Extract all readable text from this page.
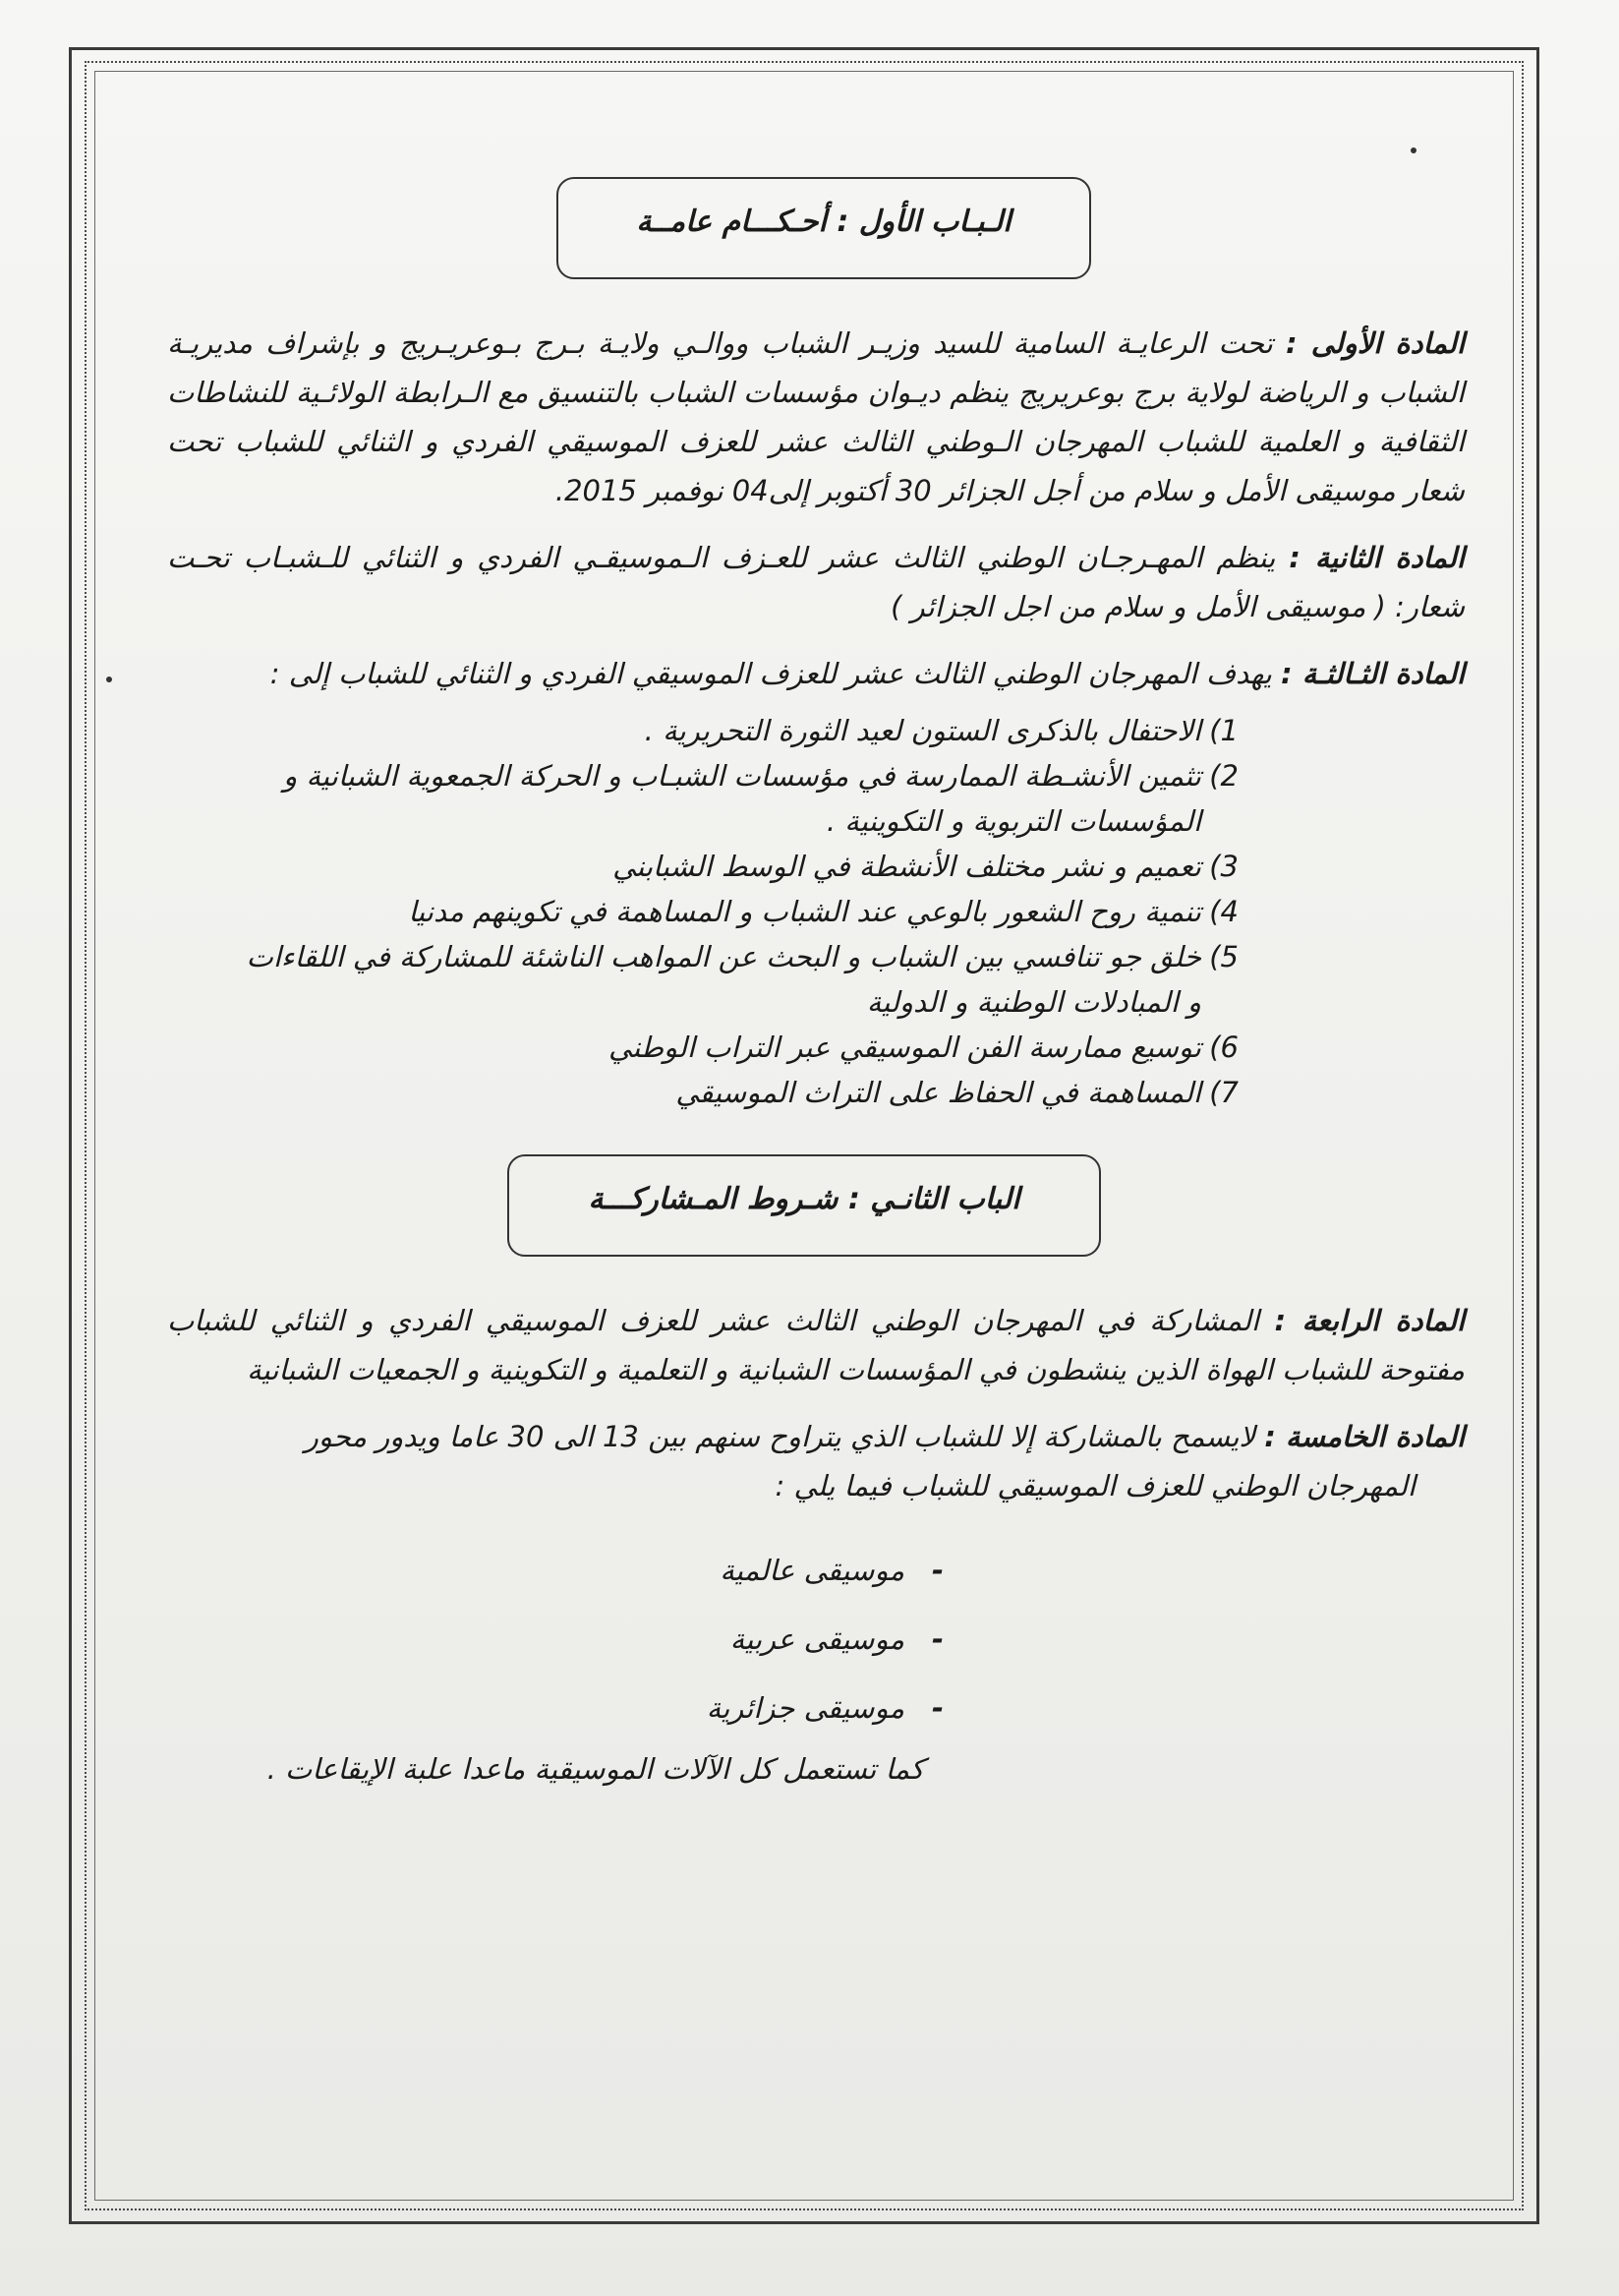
الـبـاب الأول : أحـكـــام عامــة

المادة الأولى : تحت الرعايـة السامية للسيد وزيـر الشباب ووالـي ولايـة بـرج بـوعريـريج و بإشراف مديريـة الشباب و الرياضة لولاية برج بوعريريج ينظم ديـوان مؤسسات الشباب بالتنسيق مع الـرابطة الولائـية للنشاطات الثقافية و العلمية للشباب المهرجان الـوطني الثالث عشر للعزف الموسيقي الفردي و الثنائي للشباب تحت شعار موسيقى الأمل و سلام من أجل الجزائر 30 أكتوبر إلى04 نوفمبر 2015.

المادة الثانية : ينظم المهـرجـان الوطني الثالث عشر للعـزف الـموسيقـي الفردي و الثنائي للـشبـاب تحـت شعار: ( موسيقى الأمل و سلام من اجل الجزائر )

المادة الثـالثـة : يهدف المهرجان الوطني الثالث عشر للعزف الموسيقي الفردي و الثنائي للشباب إلى :

1)الاحتفال بالذكرى الستون لعيد الثورة التحريرية .
2)تثمين الأنشـطة الممارسة في مؤسسات الشبـاب و الحركة الجمعوية الشبانية و
المؤسسات التربوية و التكوينية .
3)تعميم و نشر مختلف الأنشطة في الوسط الشبابني
4)تنمية روح الشعور بالوعي عند الشباب و المساهمة في تكوينهم مدنيا
5)خلق جو تنافسي بين الشباب و البحث عن المواهب الناشئة للمشاركة في اللقاءات
و المبادلات الوطنية و الدولية
6)توسيع ممارسة الفن الموسيقي عبر التراب الوطني
7)المساهمة في الحفاظ على التراث الموسيقي
الباب الثانـي : شـروط المـشاركـــة

المادة الرابعة : المشاركة في المهرجان الوطني الثالث عشر للعزف الموسيقي الفردي و الثنائي للشباب مفتوحة للشباب الهواة الذين ينشطون في المؤسسات الشبانية و التعلمية و التكوينية و الجمعيات الشبانية

المادة الخامسة : لايسمح بالمشاركة إلا للشباب الذي يتراوح سنهم بين 13 الى 30 عاما ويدور محور
المهرجان الوطني للعزف الموسيقي للشباب فيما يلي :

-موسيقى عالمية
-موسيقى عربية
-موسيقى جزائرية

كما تستعمل كل الآلات الموسيقية ماعدا علبة الإيقاعات .
